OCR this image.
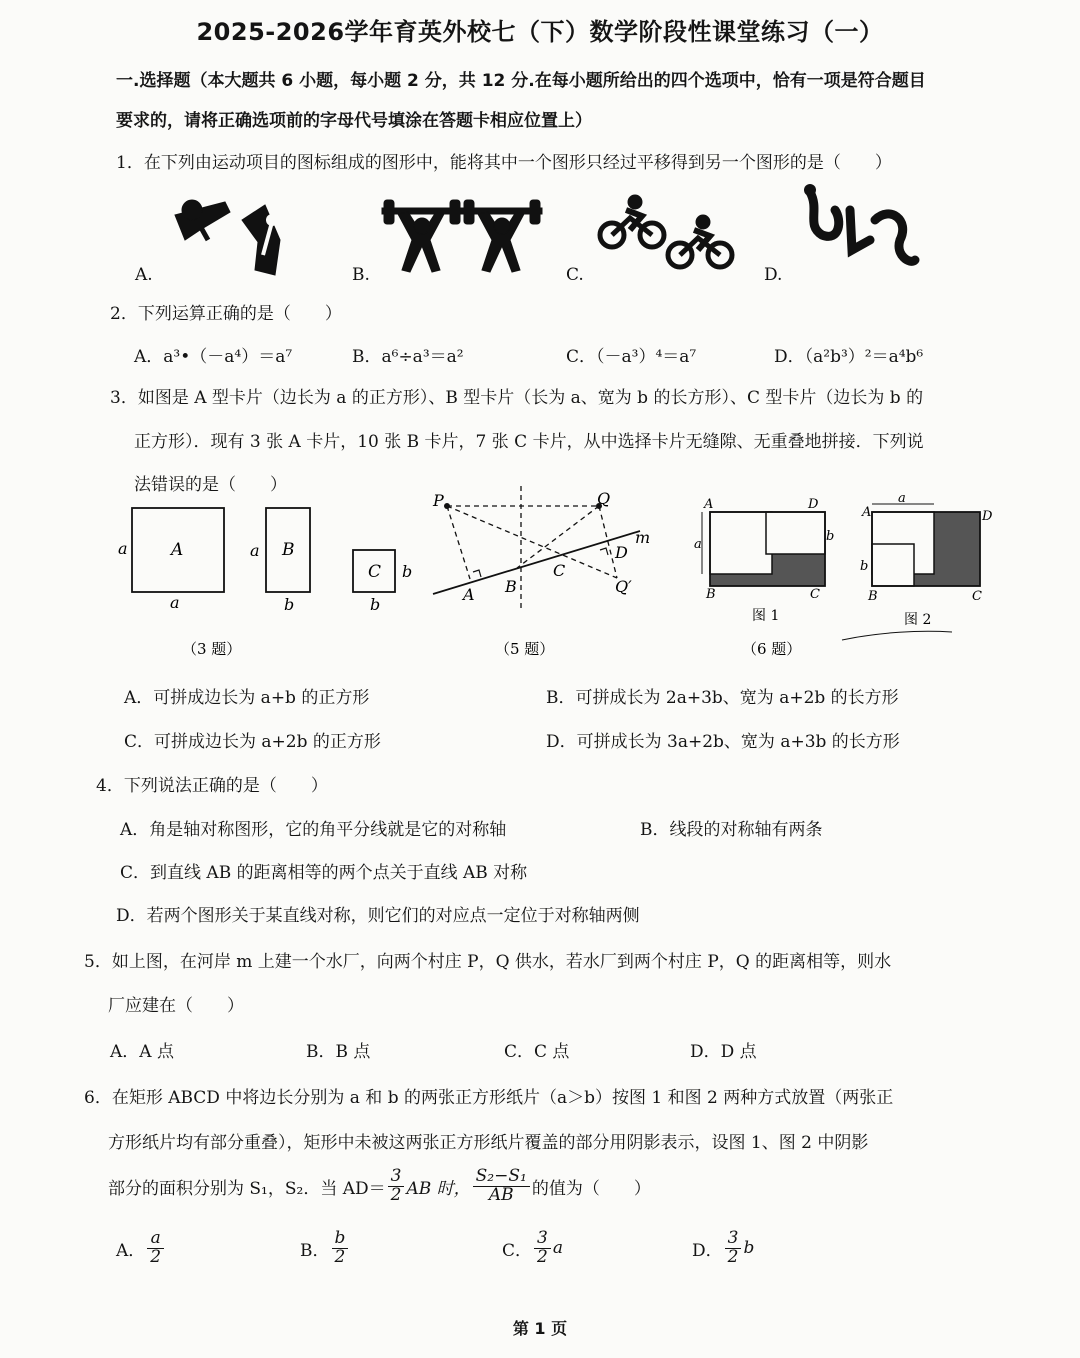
2025-2026学年育英外校七（下）数学阶段性课堂练习（一）
一.选择题（本大题共 6 小题，每小题 2 分，共 12 分.在每小题所给出的四个选项中，恰有一项是符合题目
要求的，请将正确选项前的字母代号填涂在答题卡相应位置上）
1．在下列由运动项目的图标组成的图形中，能将其中一个图形只经过平移得到另一个图形的是（　　）
A.	B.	C.	D.
2．下列运算正确的是（　　）
A．a³•（－a⁴）＝a⁷	B．a⁶÷a³＝a²	C．（－a³）⁴＝a⁷	D．（a²b³）²＝a⁴b⁶
3．如图是 A 型卡片（边长为 a 的正方形）、B 型卡片（长为 a、宽为 b 的长方形）、C 型卡片（边长为 b 的
正方形）．现有 3 张 A 卡片，10 张 B 卡片，7 张 C 卡片，从中选择卡片无缝隙、无重叠地拼接．下列说
法错误的是（　　）
A
a
a
B
a
b
C b
b
（3 题）
m
P	Q
Q′
A B
C
D
（5 题）
A	D
B	C
a
b
图 1
a
A	D
B	C
b
图 2
（6 题）
A．可拼成边长为 a+b 的正方形	B．可拼成长为 2a+3b、宽为 a+2b 的长方形
C．可拼成边长为 a+2b 的正方形	D．可拼成长为 3a+2b、宽为 a+3b 的长方形
4．下列说法正确的是（　　）
A．角是轴对称图形，它的角平分线就是它的对称轴	B．线段的对称轴有两条
C．到直线 AB 的距离相等的两个点关于直线 AB 对称
D．若两个图形关于某直线对称，则它们的对应点一定位于对称轴两侧
5．如上图，在河岸 m 上建一个水厂，向两个村庄 P，Q 供水，若水厂到两个村庄 P，Q 的距离相等，则水
厂应建在（　　）
A．A 点	B．B 点	C．C 点	D．D 点
6．在矩形 ABCD 中将边长分别为 a 和 b 的两张正方形纸片（a＞b）按图 1 和图 2 两种方式放置（两张正
方形纸片均有部分重叠），矩形中未被这两张正方形纸片覆盖的部分用阴影表示，设图 1、图 2 中阴影
部分的面积分别为 S₁，S₂．当 $AD= \frac{3}{2}$ AB 时， $\frac{\text{S₂−S₁}}{AB}$ 的值为（　　）
A． $\frac{a}{2}$	B． $\frac{b}{2}$	C． $\frac{3}{2}$ a	D． $\frac{3}{2}$ b
第 1 页
